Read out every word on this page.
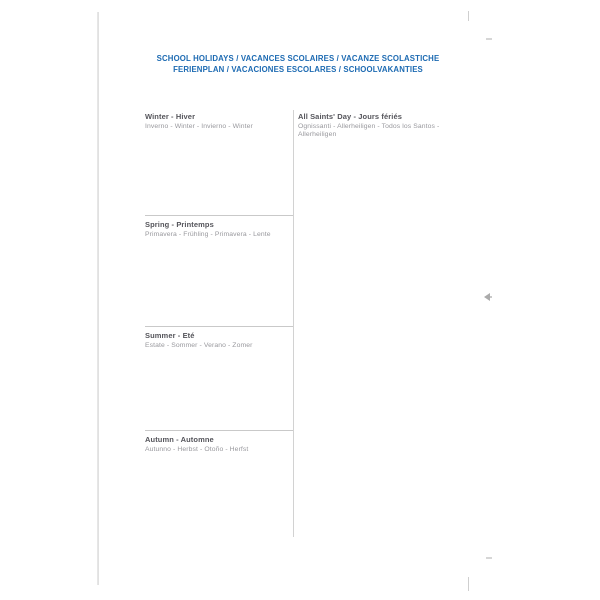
SCHOOL HOLIDAYS / VACANCES SCOLAIRES / VACANZE SCOLASTICHE
FERIENPLAN / VACACIONES ESCOLARES / SCHOOLVAKANTIES
Winter - Hiver

Inverno - Winter - Invierno - Winter

Spring - Printemps

Primavera - Frühling - Primavera - Lente

Summer - Eté

Estate - Sommer - Verano - Zomer

Autumn - Automne

Autunno - Herbst - Otoño - Herfst

All Saints' Day - Jours fériés

Ognissanti - Allerheiligen - Todos los Santos - Allerheiligen
